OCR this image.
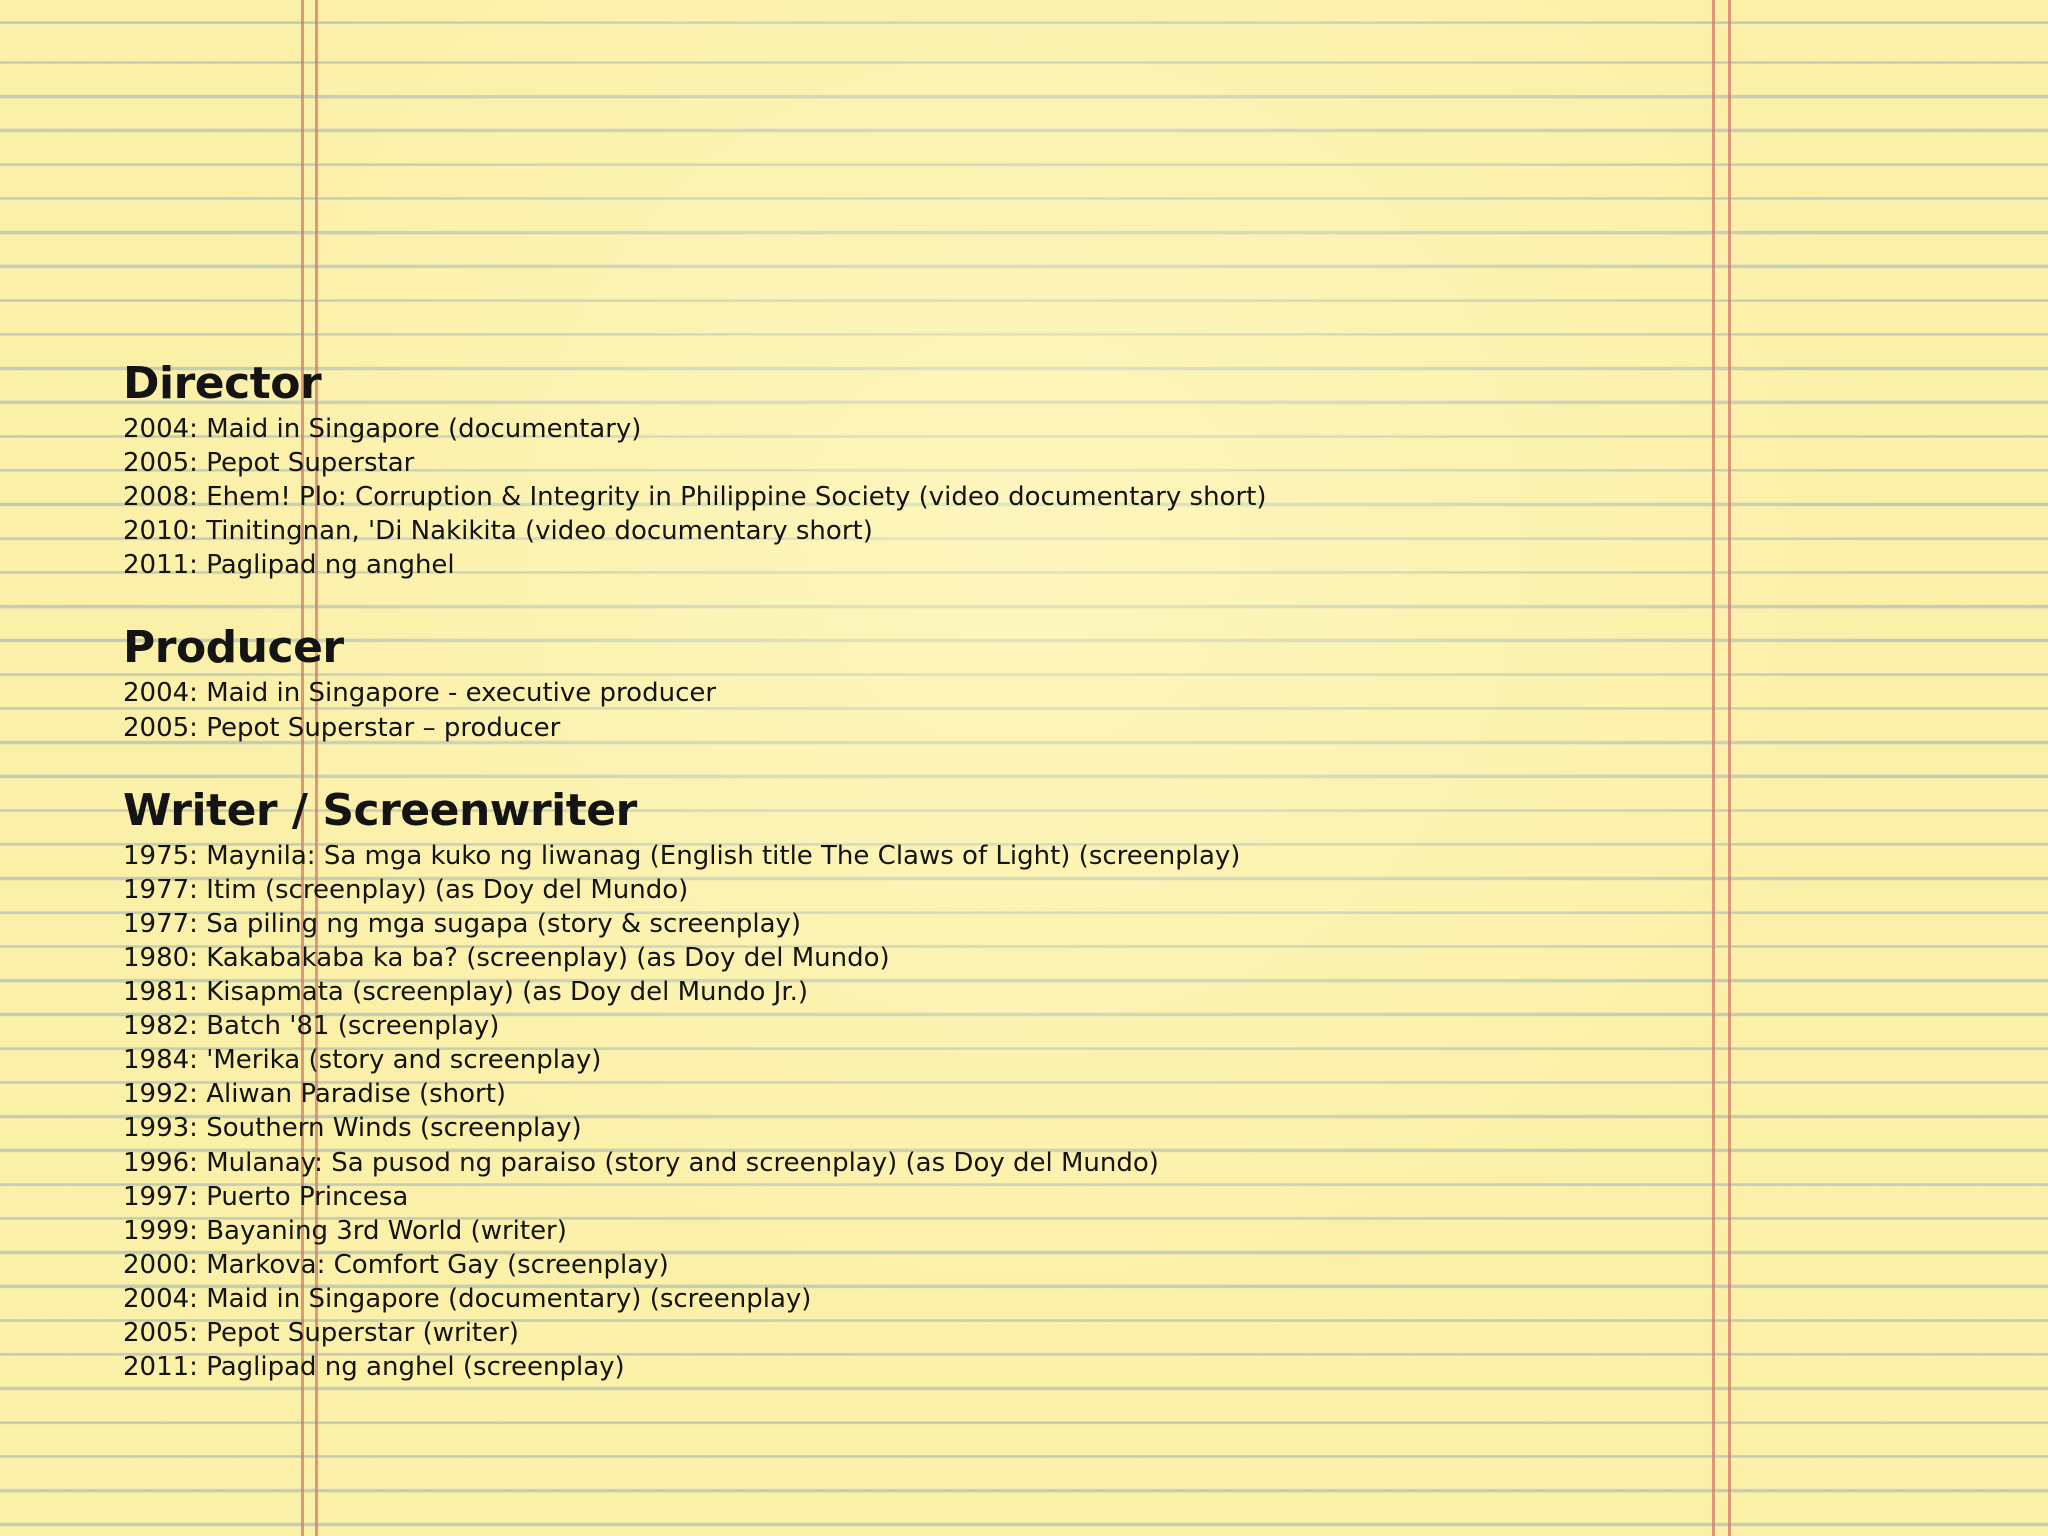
Director
2004: Maid in Singapore (documentary)
2005: Pepot Superstar
2008: Ehem! Plo: Corruption & Integrity in Philippine Society (video documentary short)
2010: Tinitingnan, 'Di Nakikita (video documentary short)
2011: Paglipad ng anghel
Producer
2004: Maid in Singapore - executive producer
2005: Pepot Superstar – producer
Writer / Screenwriter
1975: Maynila: Sa mga kuko ng liwanag (English title The Claws of Light) (screenplay)
1977: Itim (screenplay) (as Doy del Mundo)
1977: Sa piling ng mga sugapa (story & screenplay)
1980: Kakabakaba ka ba? (screenplay) (as Doy del Mundo)
1981: Kisapmata (screenplay) (as Doy del Mundo Jr.)
1982: Batch '81 (screenplay)
1984: 'Merika (story and screenplay)
1992: Aliwan Paradise (short)
1993: Southern Winds (screenplay)
1996: Mulanay: Sa pusod ng paraiso (story and screenplay) (as Doy del Mundo)
1997: Puerto Princesa
1999: Bayaning 3rd World (writer)
2000: Markova: Comfort Gay (screenplay)
2004: Maid in Singapore (documentary) (screenplay)
2005: Pepot Superstar (writer)
2011: Paglipad ng anghel (screenplay)
